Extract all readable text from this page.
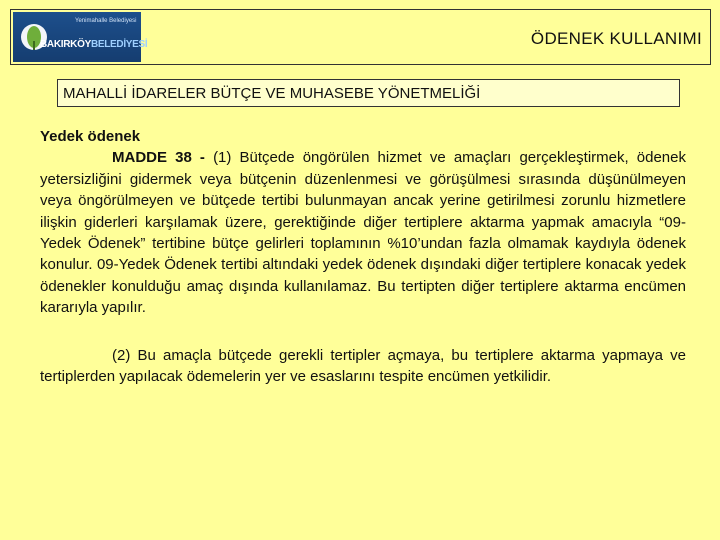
Yenimahalle Belediyesi
BAKIRKÖYBELEDİYESİ	ÖDENEK KULLANIMI
MAHALLİ İDARELER BÜTÇE VE MUHASEBE YÖNETMELİĞİ
Yedek ödenek
MADDE 38 - (1) Bütçede öngörülen hizmet ve amaçları gerçekleştirmek, ödenek yetersizliğini gidermek veya bütçenin düzenlenmesi ve görüşülmesi sırasında düşünülmeyen veya öngörülmeyen ve bütçede tertibi bulunmayan ancak yerine getirilmesi zorunlu hizmetlere ilişkin giderleri karşılamak üzere, gerektiğinde diğer tertiplere aktarma yapmak amacıyla “09-Yedek Ödenek” tertibine bütçe gelirleri toplamının %10’undan fazla olmamak kaydıyla ödenek konulur. 09-Yedek Ödenek tertibi altındaki yedek ödenek dışındaki diğer tertiplere konacak yedek ödenekler konulduğu amaç dışında kullanılamaz. Bu tertipten diğer tertiplere aktarma encümen kararıyla yapılır.
(2) Bu amaçla bütçede gerekli tertipler açmaya, bu tertiplere aktarma yapmaya ve tertiplerden yapılacak ödemelerin yer ve esaslarını tespite encümen yetkilidir.
